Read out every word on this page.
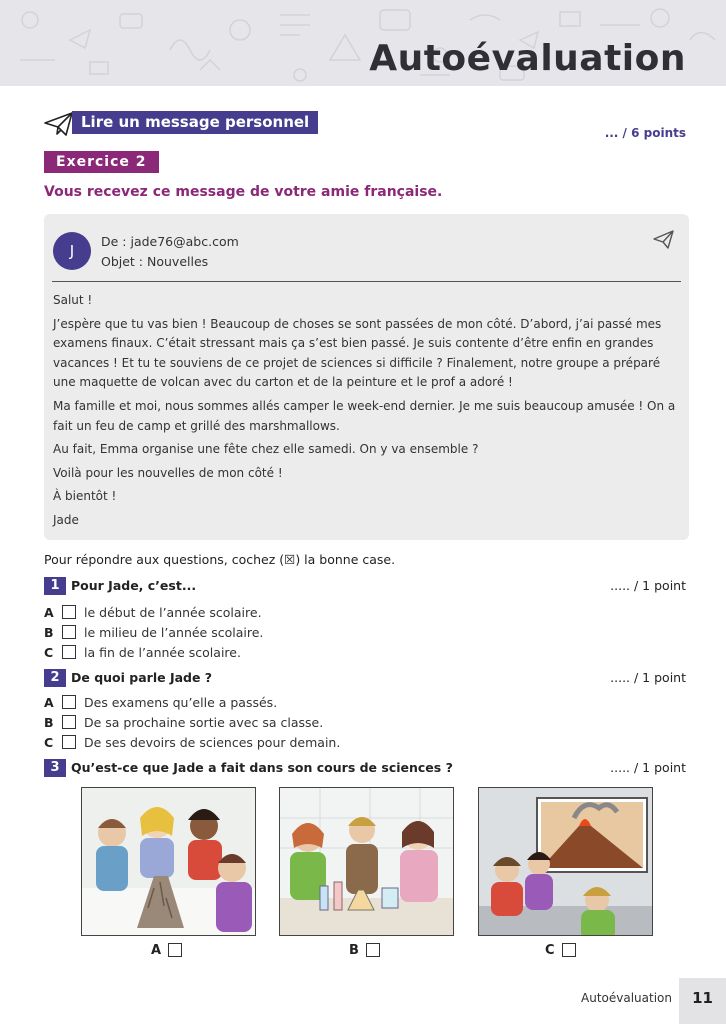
Autoévaluation
Lire un message personnel
... / 6 points
Exercice 2
Vous recevez ce message de votre amie française.
J
De : jade76@abc.com
Objet : Nouvelles

Salut !

J’espère que tu vas bien ! Beaucoup de choses se sont passées de mon côté. D’abord, j’ai passé mes examens finaux. C’était stressant mais ça s’est bien passé. Je suis contente d’être enfin en grandes vacances ! Et tu te souviens de ce projet de sciences si difficile ? Finalement, notre groupe a préparé une maquette de volcan avec du carton et de la peinture et le prof a adoré !

Ma famille et moi, nous sommes allés camper le week-end dernier. Je me suis beaucoup amusée ! On a fait un feu de camp et grillé des marshmallows.

Au fait, Emma organise une fête chez elle samedi. On y va ensemble ?

Voilà pour les nouvelles de mon côté !

À bientôt !

Jade

Pour répondre aux questions, cochez (☒) la bonne case.
1 Pour Jade, c’est...	..... / 1 point
A le début de l’année scolaire.
B le milieu de l’année scolaire.
C la fin de l’année scolaire.
2 De quoi parle Jade ?	..... / 1 point
A Des examens qu’elle a passés.
B De sa prochaine sortie avec sa classe.
C De ses devoirs de sciences pour demain.
3 Qu’est-ce que Jade a fait dans son cours de sciences ?	..... / 1 point
A	B	C
Autoévaluation	11
